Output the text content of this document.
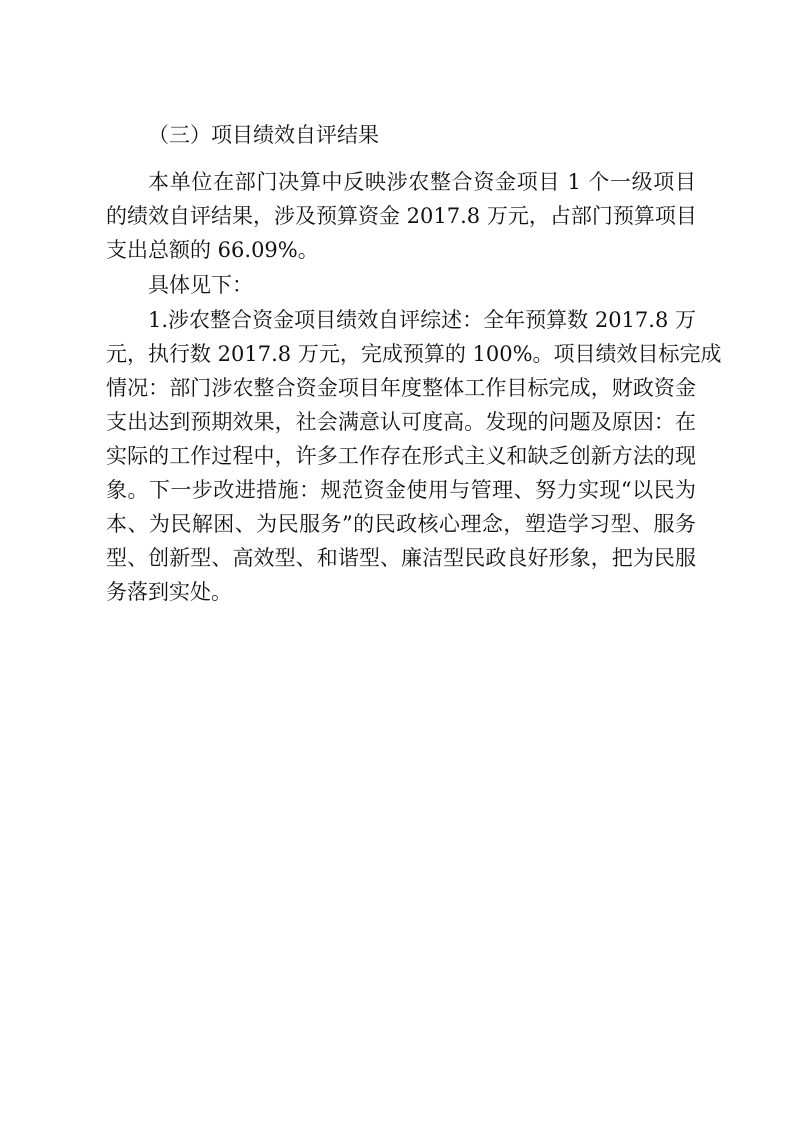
（三）项目绩效自评结果
本单位在部门决算中反映涉农整合资金项目 1 个一级项目
的绩效自评结果，涉及预算资金 2017.8 万元，占部门预算项目
支出总额的 66.09%。
具体见下：
1.涉农整合资金项目绩效自评综述：全年预算数 2017.8 万
元，执行数 2017.8 万元，完成预算的 100%。项目绩效目标完成
情况：部门涉农整合资金项目年度整体工作目标完成，财政资金
支出达到预期效果，社会满意认可度高。发现的问题及原因：在
实际的工作过程中，许多工作存在形式主义和缺乏创新方法的现
象。下一步改进措施：规范资金使用与管理、努力实现“以民为
本、为民解困、为民服务”的民政核心理念，塑造学习型、服务
型、创新型、高效型、和谐型、廉洁型民政良好形象，把为民服
务落到实处。
